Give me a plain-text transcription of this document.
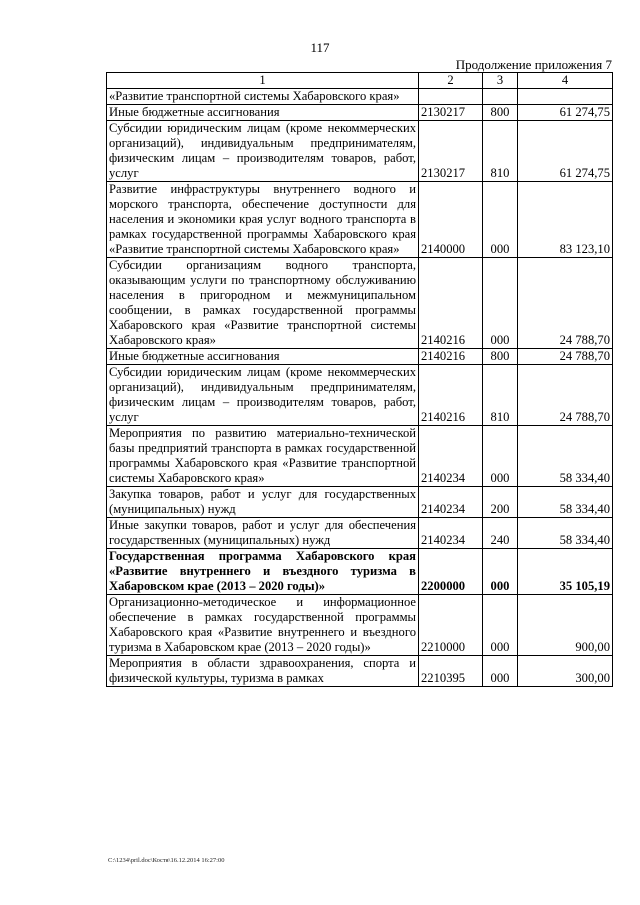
117
Продолжение приложения 7
1	2	3	4
«Развитие транспортной системы Хабаровского края»			
Иные бюджетные ассигнования	2130217	800	61 274,75
Субсидии юридическим лицам (кроме некоммерческих организаций), индивидуальным предпринимателям, физическим лицам – производителям товаров, работ, услуг	2130217	810	61 274,75
Развитие инфраструктуры внутреннего водного и морского транспорта, обеспечение доступности для населения и экономики края услуг водного транспорта в рамках государственной программы Хабаровского края «Развитие транспортной системы Хабаровского края»	2140000	000	83 123,10
Субсидии организациям водного транспорта, оказывающим услуги по транспортному обслуживанию населения в пригородном и межмуниципальном сообщении, в рамках государственной программы Хабаровского края «Развитие транспортной системы Хабаровского края»	2140216	000	24 788,70
Иные бюджетные ассигнования	2140216	800	24 788,70
Субсидии юридическим лицам (кроме некоммерческих организаций), индивидуальным предпринимателям, физическим лицам – производителям товаров, работ, услуг	2140216	810	24 788,70
Мероприятия по развитию материально-технической базы предприятий транспорта в рамках государственной программы Хабаровского края «Развитие транспортной системы Хабаровского края»	2140234	000	58 334,40
Закупка товаров, работ и услуг для государственных (муниципальных) нужд	2140234	200	58 334,40
Иные закупки товаров, работ и услуг для обеспечения государственных (муниципальных) нужд	2140234	240	58 334,40
Государственная программа Хабаровского края «Развитие внутреннего и въездного туризма в Хабаровском крае (2013 – 2020 годы)»	2200000	000	35 105,19
Организационно-методическое и информационное обеспечение в рамках государственной программы Хабаровского края «Развитие внутреннего и въездного туризма в Хабаровском крае (2013 – 2020 годы)»	2210000	000	900,00
Мероприятия в области здравоохранения, спорта и физической культуры, туризма в рамках	2210395	000	300,00
C:\1234\pril.doc\Костя\16.12.2014 16:27:00
